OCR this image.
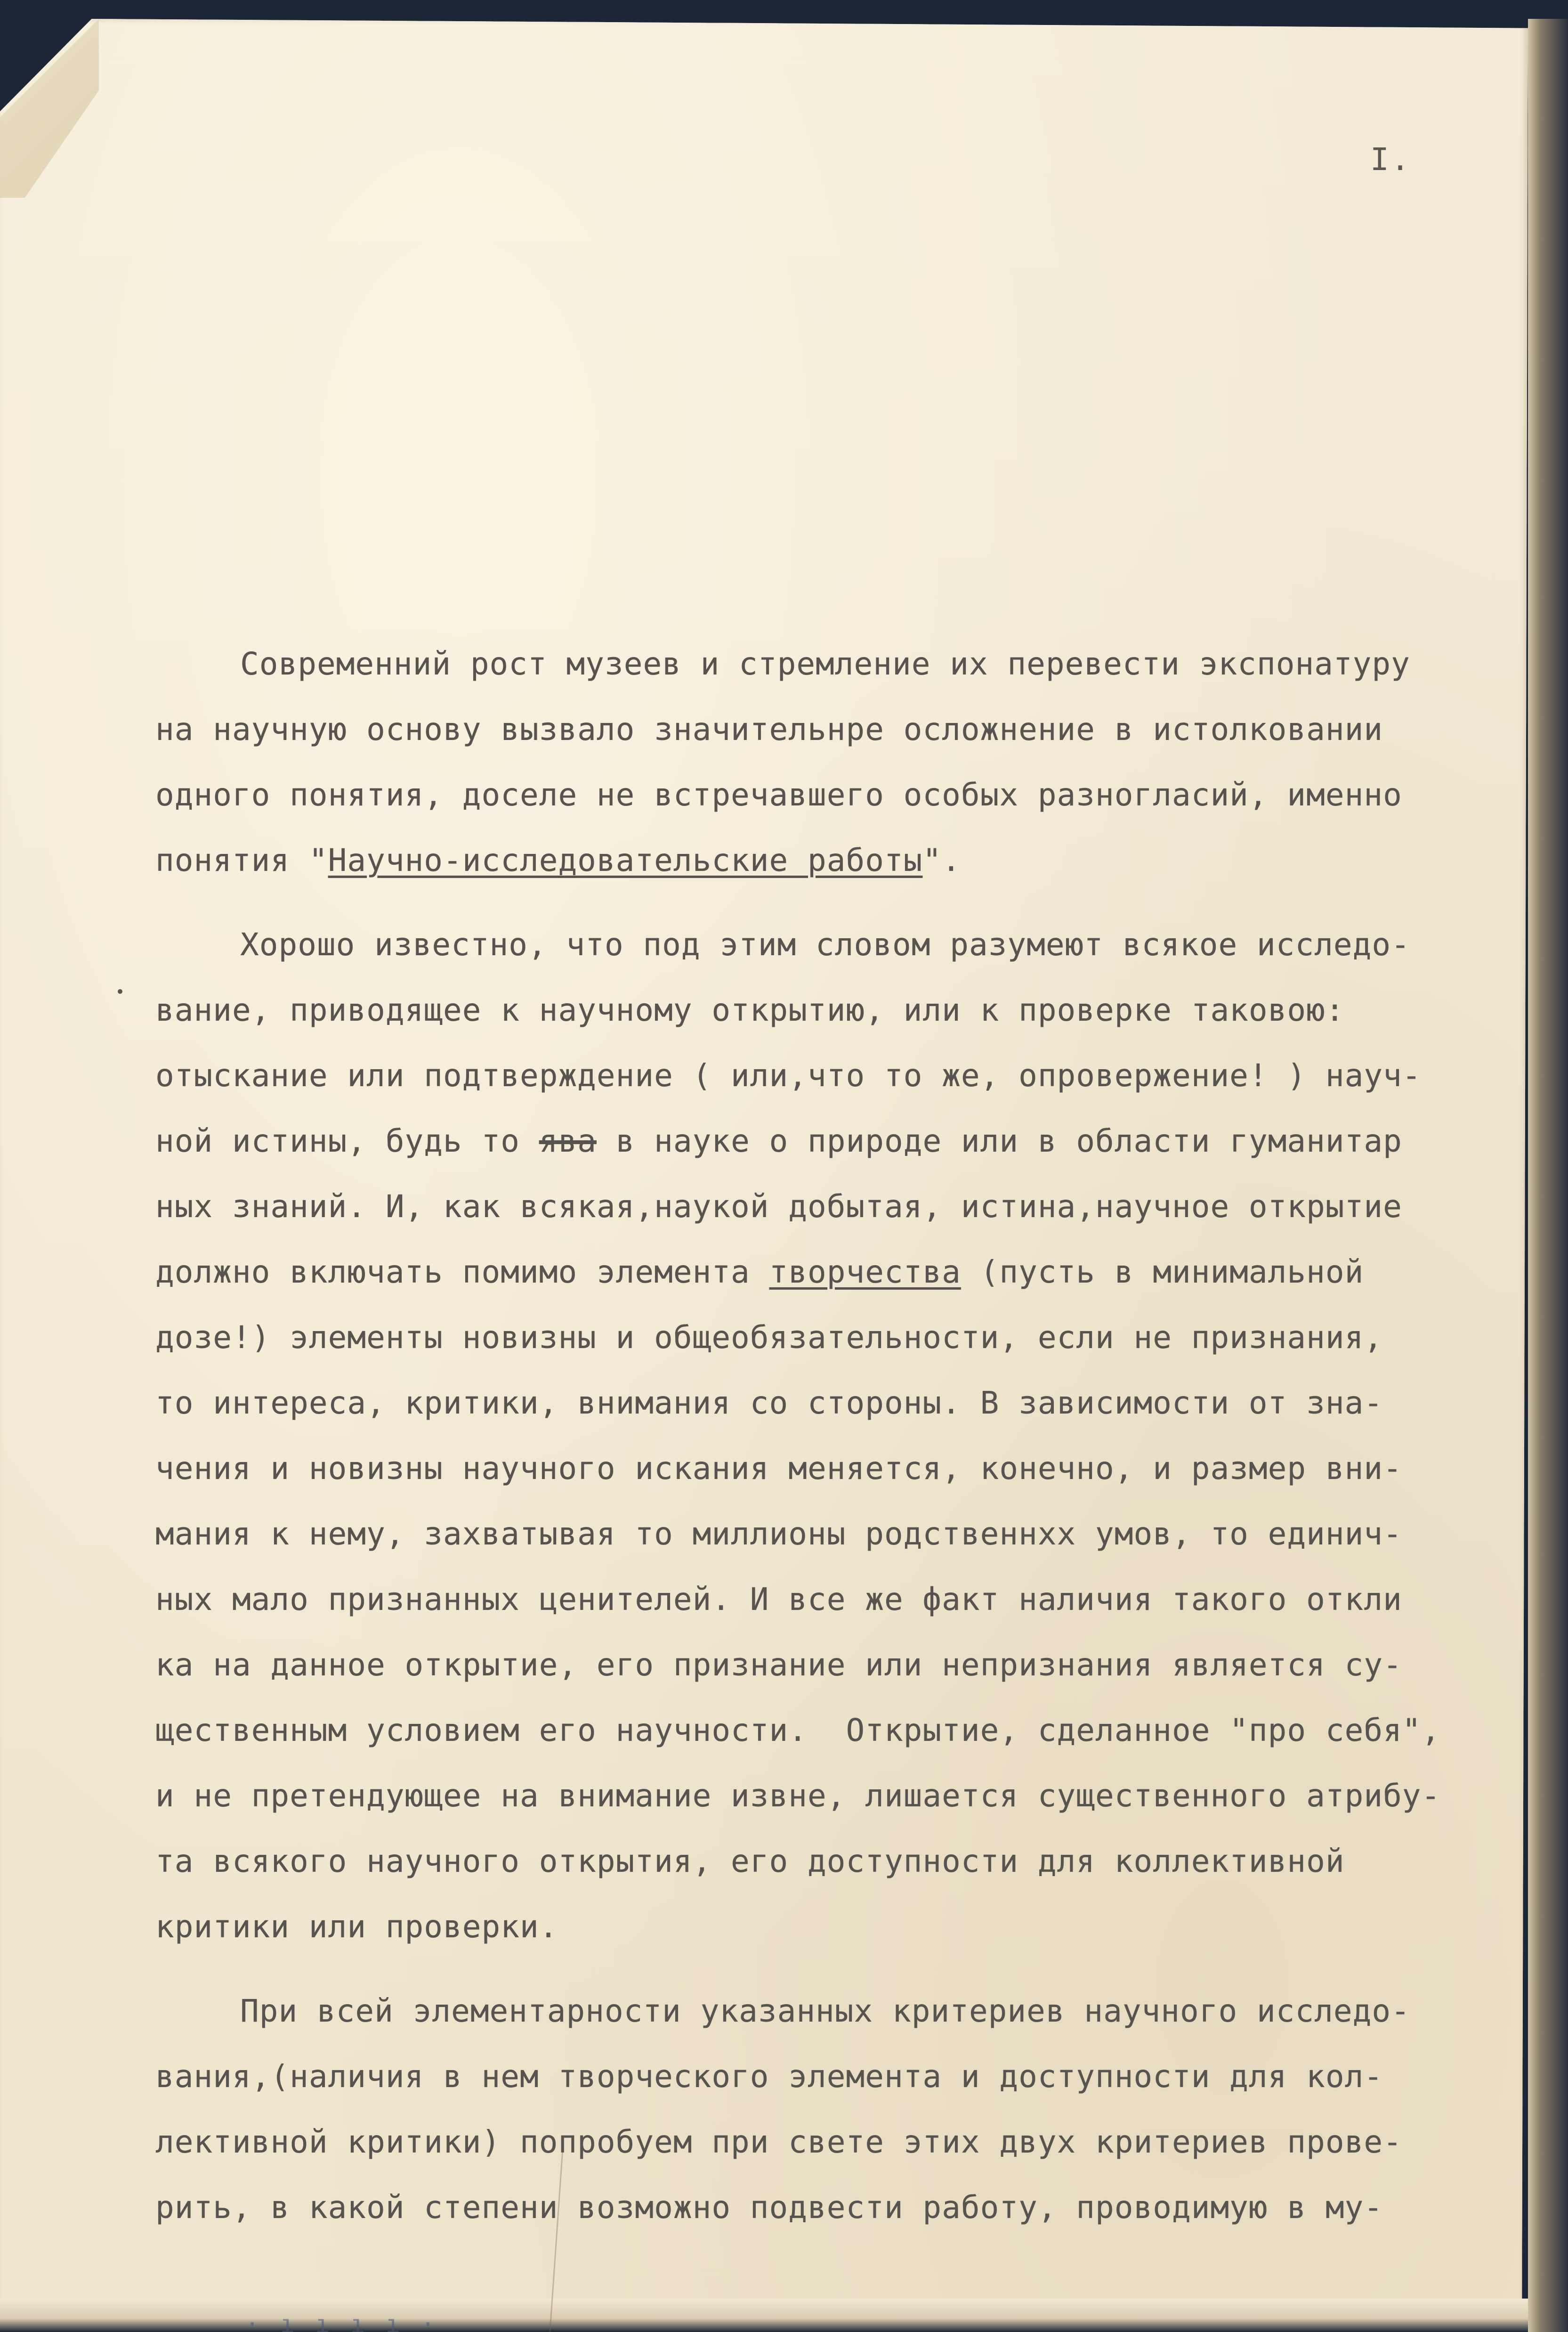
I.
Современний рост музеев и стремление их перевести экспонатуру
на научную основу вызвало значительнре осложнение в истолковании
одного понятия, доселе не встречавшего особых разногласий, именно
понятия "Научно-исследовательские работы".
Хорошо известно, что под этим словом разумеют всякое исследо-
вание, приводящее к научному открытию, или к проверке таковою:
отыскание или подтверждение ( или,что то же, опровержение! ) науч-
ной истины, будь то ява в науке о природе или в области гуманитар
ных знаний. И, как всякая,наукой добытая, истина,научное открытие
должно включать помимо элемента творчества (пусть в минимальной
дозе!) элементы новизны и общеобязательности, если не признания,
то интереса, критики, внимания со стороны. В зависимости от зна-
чения и новизны научного искания меняется, конечно, и размер вни-
мания к нему, захватывая то миллионы родственнхх умов, то единич-
ных мало признанных ценителей. И все же факт наличия такого откли
ка на данное открытие, его признание или непризнания является су-
щественным условием его научности.  Открытие, сделанное "про себя",
и не претендующее на внимание извне, лишается существенного атрибу-
та всякого научного открытия, его доступности для коллективной
критики или проверки.
При всей элементарности указанных критериев научного исследо-
вания,(наличия в нем творческого элемента и доступности для кол-
лективной критики) попробуем при свете этих двух критериев прове-
рить, в какой степени возможно подвести работу, проводимую в му-
· ı ı ı ı ·
